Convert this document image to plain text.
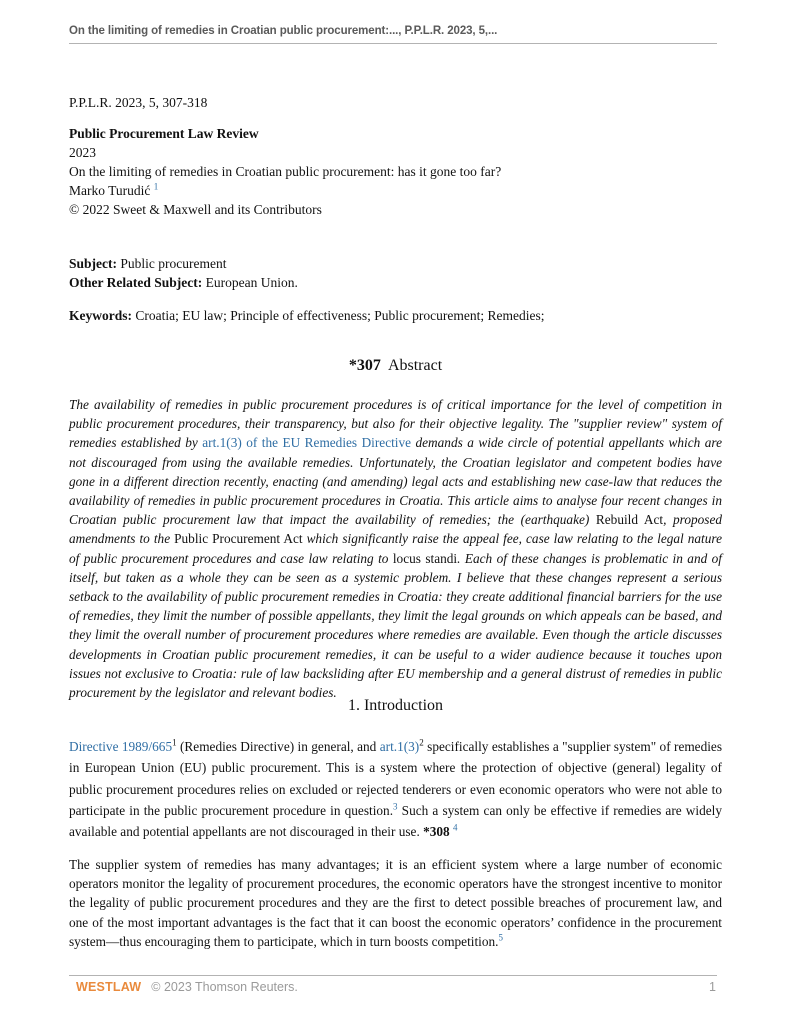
On the limiting of remedies in Croatian public procurement:..., P.P.L.R. 2023, 5,...
P.P.L.R. 2023, 5, 307-318
Public Procurement Law Review
2023
On the limiting of remedies in Croatian public procurement: has it gone too far?
Marko Turudić $^1$
© 2022 Sweet & Maxwell and its Contributors
Subject: Public procurement
Other Related Subject: European Union.
Keywords: Croatia; EU law; Principle of effectiveness; Public procurement; Remedies;
*307 Abstract
The availability of remedies in public procurement procedures is of critical importance for the level of competition in public procurement procedures, their transparency, but also for their objective legality. The "supplier review" system of remedies established by art.1(3) of the EU Remedies Directive demands a wide circle of potential appellants which are not discouraged from using the available remedies. Unfortunately, the Croatian legislator and competent bodies have gone in a different direction recently, enacting (and amending) legal acts and establishing new case-law that reduces the availability of remedies in public procurement procedures in Croatia. This article aims to analyse four recent changes in Croatian public procurement law that impact the availability of remedies; the (earthquake) Rebuild Act, proposed amendments to the Public Procurement Act which significantly raise the appeal fee, case law relating to the legal nature of public procurement procedures and case law relating to locus standi. Each of these changes is problematic in and of itself, but taken as a whole they can be seen as a systemic problem. I believe that these changes represent a serious setback to the availability of public procurement remedies in Croatia: they create additional financial barriers for the use of remedies, they limit the number of possible appellants, they limit the legal grounds on which appeals can be based, and they limit the overall number of procurement procedures where remedies are available. Even though the article discusses developments in Croatian public procurement remedies, it can be useful to a wider audience because it touches upon issues not exclusive to Croatia: rule of law backsliding after EU membership and a general distrust of remedies in public procurement by the legislator and relevant bodies.
1. Introduction
Directive $1989/665^1$ (Remedies Directive) in general, and $art.1(3)^2$ specifically establishes a "supplier system" of remedies in European Union (EU) public procurement. This is a system where the protection of objective (general) legality of public procurement procedures relies on excluded or rejected tenderers or even economic operators who were not able to participate in the public procurement procedure in question.$^3$ Such a system can only be effective if remedies are widely available and potential appellants are not discouraged in their use. *308 $^4$
The supplier system of remedies has many advantages; it is an efficient system where a large number of economic operators monitor the legality of procurement procedures, the economic operators have the strongest incentive to monitor the legality of public procurement procedures and they are the first to detect possible breaches of procurement law, and one of the most important advantages is the fact that it can boost the economic operators’ confidence in the procurement system—thus encouraging them to participate, which in turn boosts competition.$^5$
WESTLAW © 2023 Thomson Reuters.	1
